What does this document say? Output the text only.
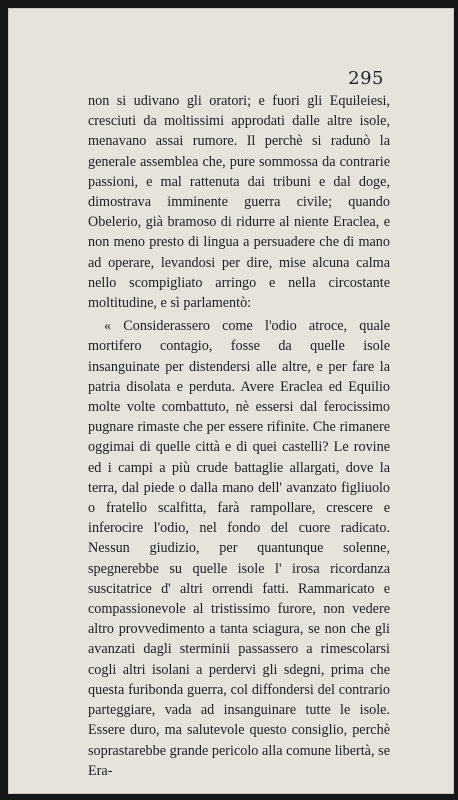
295

non si udivano gli oratori; e fuori gli Equileiesi, cresciuti da moltissimi approdati dalle altre isole, menavano assai rumore. Il perchè si radunò la generale assemblea che, pure sommossa da contrarie passioni, e mal rattenuta dai tribuni e dal doge, dimostrava imminente guerra civile; quando Obelerio, già bramoso di ridurre al niente Eraclea, e non meno presto di lingua a persuadere che di mano ad operare, levandosi per dire, mise alcuna calma nello scompigliato arringo e nella circostante moltitudine, e sì parlamentò:

« Considerassero come l'odio atroce, quale mortifero contagio, fosse da quelle isole insanguinate per distendersi alle altre, e per fare la patria disolata e perduta. Avere Eraclea ed Equilio molte volte combattuto, nè essersi dal ferocissimo pugnare rimaste che per essere rifinite. Che rimanere oggimai di quelle città e di quei castelli? Le rovine ed i campi a più crude battaglie allargati, dove la terra, dal piede o dalla mano dell' avanzato figliuolo o fratello scalfitta, farà rampollare, crescere e inferocire l'odio, nel fondo del cuore radicato. Nessun giudizio, per quantunque solenne, spegnerebbe su quelle isole l' irosa ricordanza suscitatrice d' altri orrendi fatti. Rammaricato e compassionevole al tristissimo furore, non vedere altro provvedimento a tanta sciagura, se non che gli avanzati dagli sterminii passassero a rimescolarsi cogli altri isolani a perdervi gli sdegni, prima che questa furibonda guerra, col diffondersi del contrario parteggiare, vada ad insanguinare tutte le isole. Essere duro, ma salutevole questo consiglio, perchè soprastarebbe grande pericolo alla comune libertà, se Era-
